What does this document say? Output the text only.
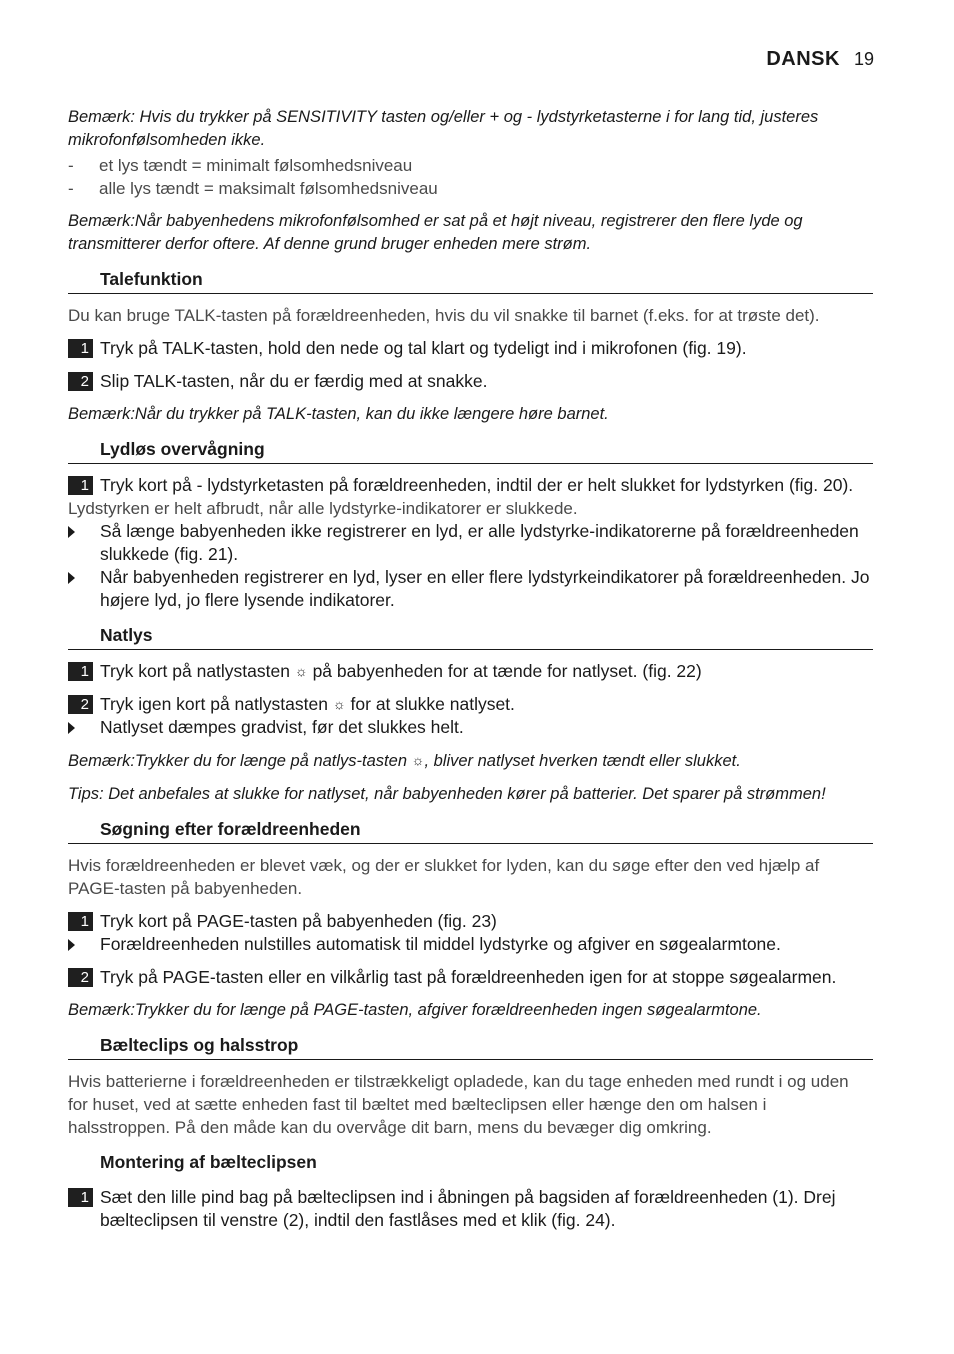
DANSK 19

Bemærk: Hvis du trykker på SENSITIVITY tasten og/eller + og - lydstyrketasterne i for lang tid, justeres mikrofonfølsomheden ikke.

- et lys tændt = minimalt følsomhedsniveau
- alle lys tændt = maksimalt følsomhedsniveau

Bemærk:Når babyenhedens mikrofonfølsomhed er sat på et højt niveau, registrerer den flere lyde og transmitterer derfor oftere. Af denne grund bruger enheden mere strøm.

Talefunktion

Du kan bruge TALK-tasten på forældreenheden, hvis du vil snakke til barnet (f.eks. for at trøste det).

1 Tryk på TALK-tasten, hold den nede og tal klart og tydeligt ind i mikrofonen (fig. 19).
2 Slip TALK-tasten, når du er færdig med at snakke.

Bemærk:Når du trykker på TALK-tasten, kan du ikke længere høre barnet.

Lydløs overvågning
1 Tryk kort på - lydstyrketasten på forældreenheden, indtil der er helt slukket for lydstyrken (fig. 20).
Lydstyrken er helt afbrudt, når alle lydstyrke-indikatorer er slukkede.
Så længe babyenheden ikke registrerer en lyd, er alle lydstyrke-indikatorerne på forældreenheden slukkede (fig. 21).
Når babyenheden registrerer en lyd, lyser en eller flere lydstyrkeindikatorer på forældreenheden. Jo højere lyd, jo flere lysende indikatorer.
Natlys
1 Tryk kort på natlystasten ☼ på babyenheden for at tænde for natlyset. (fig. 22)
2 Tryk igen kort på natlystasten ☼ for at slukke natlyset.
Natlyset dæmpes gradvist, før det slukkes helt.

Bemærk:Trykker du for længe på natlys-tasten ☼, bliver natlyset hverken tændt eller slukket.

Tips: Det anbefales at slukke for natlyset, når babyenheden kører på batterier. Det sparer på strømmen!

Søgning efter forældreenheden

Hvis forældreenheden er blevet væk, og der er slukket for lyden, kan du søge efter den ved hjælp af PAGE-tasten på babyenheden.

1 Tryk kort på PAGE-tasten på babyenheden (fig. 23)
Forældreenheden nulstilles automatisk til middel lydstyrke og afgiver en søgealarmtone.
2 Tryk på PAGE-tasten eller en vilkårlig tast på forældreenheden igen for at stoppe søgealarmen.

Bemærk:Trykker du for længe på PAGE-tasten, afgiver forældreenheden ingen søgealarmtone.

Bælteclips og halsstrop

Hvis batterierne i forældreenheden er tilstrækkeligt opladede, kan du tage enheden med rundt i og uden for huset, ved at sætte enheden fast til bæltet med bælteclipsen eller hænge den om halsen i halsstroppen. På den måde kan du overvåge dit barn, mens du bevæger dig omkring.

Montering af bælteclipsen
1 Sæt den lille pind bag på bælteclipsen ind i åbningen på bagsiden af forældreenheden (1). Drej bælteclipsen til venstre (2), indtil den fastlåses med et klik (fig. 24).
